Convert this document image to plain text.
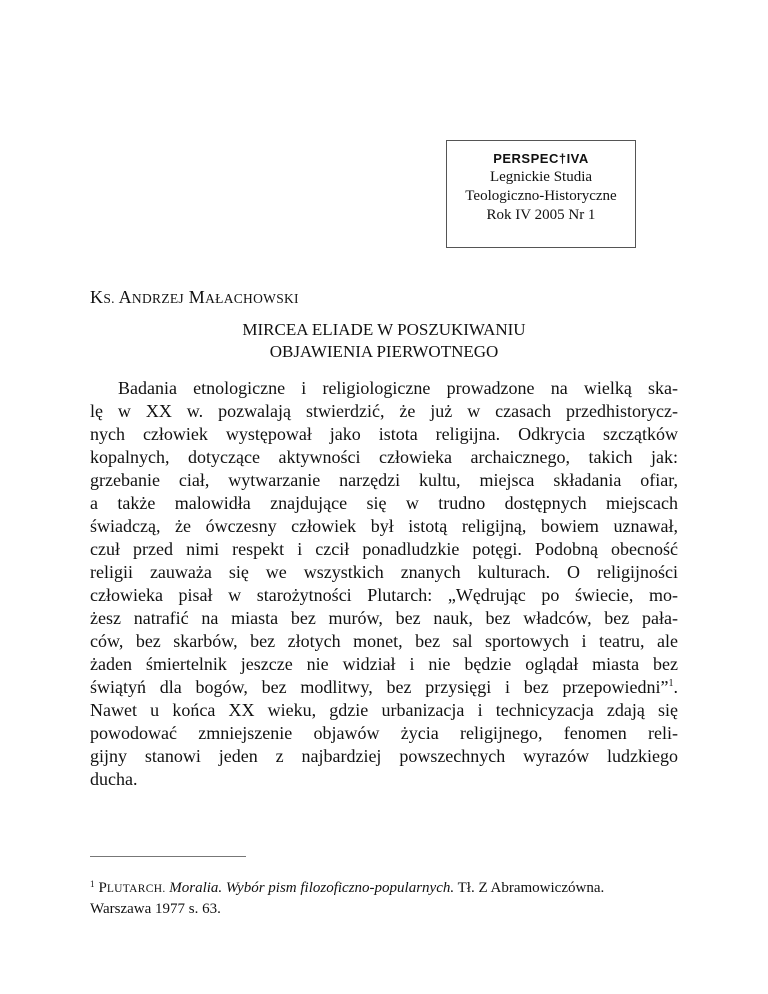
PERSPEC†IVA
Legnickie Studia
Teologiczno-Historyczne
Rok IV 2005 Nr 1
KS. ANDRZEJ MAŁACHOWSKI
MIRCEA ELIADE W POSZUKIWANIU
OBJAWIENIA PIERWOTNEGO
Badania etnologiczne i religiologiczne prowadzone na wielką ska-
lę w XX w. pozwalają stwierdzić, że już w czasach przedhistorycz-
nych człowiek występował jako istota religijna. Odkrycia szczątków
kopalnych, dotyczące aktywności człowieka archaicznego, takich jak:
grzebanie ciał, wytwarzanie narzędzi kultu, miejsca składania ofiar,
a także malowidła znajdujące się w trudno dostępnych miejscach
świadczą, że ówczesny człowiek był istotą religijną, bowiem uznawał,
czuł przed nimi respekt i czcił ponadludzkie potęgi. Podobną obecność
religii zauważa się we wszystkich znanych kulturach. O religijności
człowieka pisał w starożytności Plutarch: „Wędrując po świecie, mo-
żesz natrafić na miasta bez murów, bez nauk, bez władców, bez pała-
ców, bez skarbów, bez złotych monet, bez sal sportowych i teatru, ale
żaden śmiertelnik jeszcze nie widział i nie będzie oglądał miasta bez
świątyń dla bogów, bez modlitwy, bez przysięgi i bez przepowiedni”$^1$.
Nawet u końca XX wieku, gdzie urbanizacja i technicyzacja zdają się
powodować zmniejszenie objawów życia religijnego, fenomen reli-
gijny stanowi jeden z najbardziej powszechnych wyrazów ludzkiego
ducha.
$^1$ PLUTARCH. Moralia. Wybór pism filozoficzno-popularnych. Tł. Z Abramowiczówna.
Warszawa 1977 s. 63.
